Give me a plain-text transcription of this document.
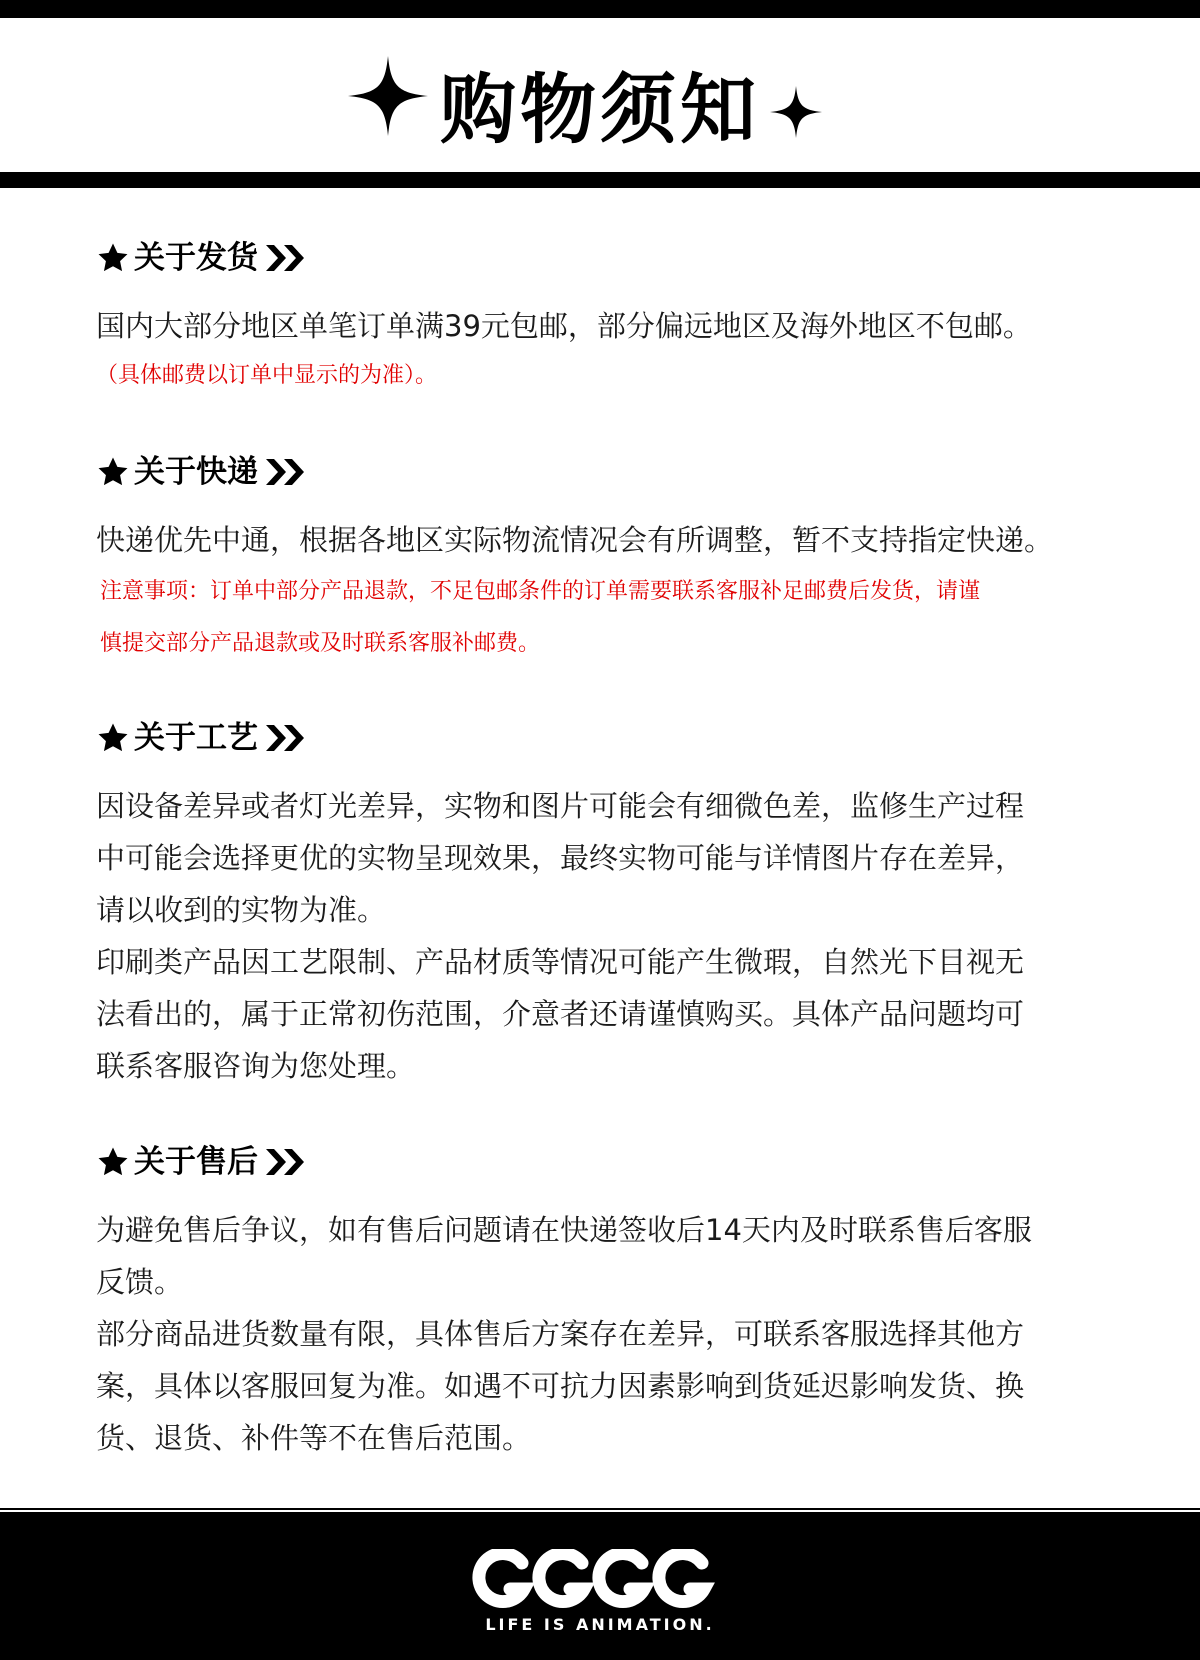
购物须知
关于发货

国内大部分地区单笔订单满39元包邮，部分偏远地区及海外地区不包邮。

（具体邮费以订单中显示的为准）。

关于快递

快递优先中通，根据各地区实际物流情况会有所调整，暂不支持指定快递。

注意事项：订单中部分产品退款，不足包邮条件的订单需要联系客服补足邮费后发货，请谨

慎提交部分产品退款或及时联系客服补邮费。

关于工艺

因设备差异或者灯光差异，实物和图片可能会有细微色差，监修生产过程

中可能会选择更优的实物呈现效果，最终实物可能与详情图片存在差异，

请以收到的实物为准。

印刷类产品因工艺限制、产品材质等情况可能产生微瑕，自然光下目视无

法看出的，属于正常初伤范围，介意者还请谨慎购买。具体产品问题均可

联系客服咨询为您处理。

关于售后

为避免售后争议，如有售后问题请在快递签收后14天内及时联系售后客服

反馈。

部分商品进货数量有限，具体售后方案存在差异，可联系客服选择其他方

案，具体以客服回复为准。如遇不可抗力因素影响到货延迟影响发货、换

货、退货、补件等不在售后范围。

LIFE IS ANIMATION.
